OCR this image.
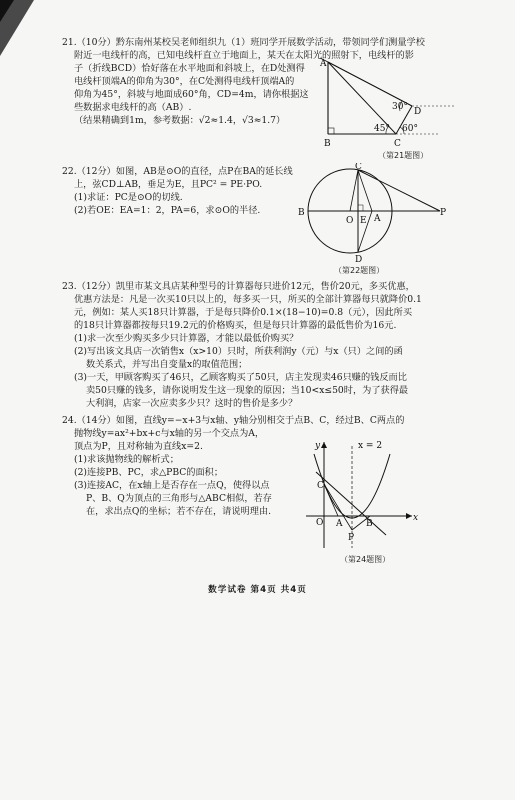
21.（10分）黔东南州某校吴老师组织九（1）班同学开展数学活动，带领同学们测量学校
附近一电线杆的高，已知电线杆直立于地面上，某天在太阳光的照射下，电线杆的影
子（折线BCD）恰好落在水平地面和斜坡上，在D处测得
电线杆顶端A的仰角为30°，在C处测得电线杆顶端A的
仰角为45°，斜坡与地面成60°角，CD=4m，请你根据这
些数据求电线杆的高（AB）.
（结果精确到1m，参考数据：√2≈1.4，√3≈1.7）
A
B	C
D
30°
45° 60°
（第21题图）
22.（12分）如图，AB是⊙O的直径，点P在BA的延长线
上，弦CD⊥AB，垂足为E，且PC² = PE·PO.
(1)求证：PC是⊙O的切线.
(2)若OE：EA=1：2，PA=6，求⊙O的半径.	B
C
D
O E A
P
（第22题图）
23.（12分）凯里市某文具店某种型号的计算器每只进价12元，售价20元，多买优惠，
优惠方法是：凡是一次买10只以上的，每多买一只，所买的全部计算器每只就降价0.1
元，例如：某人买18只计算器，于是每只降价0.1×(18−10)=0.8（元），因此所买
的18只计算器都按每只19.2元的价格购买，但是每只计算器的最低售价为16元.
(1)求一次至少购买多少只计算器，才能以最低价购买？
(2)写出该文具店一次销售x（x>10）只时，所获利润y（元）与x（只）之间的函
数关系式，并写出自变量x的取值范围；
(3)一天，甲顾客购买了46只，乙顾客购买了50只，店主发现卖46只赚的钱反而比
卖50只赚的钱多，请你说明发生这一现象的原因；当10<x≤50时，为了获得最
大利润，店家一次应卖多少只？这时的售价是多少？
24.（14分）如图，直线y=−x+3与x轴、y轴分别相交于点B、C，经过B、C两点的
抛物线y=ax²+bx+c与x轴的另一个交点为A，
顶点为P，且对称轴为直线x=2.
(1)求该抛物线的解析式；
(2)连接PB、PC，求△PBC的面积；
(3)连接AC，在x轴上是否存在一点Q，使得以点
P、B、Q为顶点的三角形与△ABC相似，若存
在，求出点Q的坐标；若不存在，请说明理由.
x = 2
x
y
O A	B
C
P
（第24题图）
数学试卷 第4页 共4页
